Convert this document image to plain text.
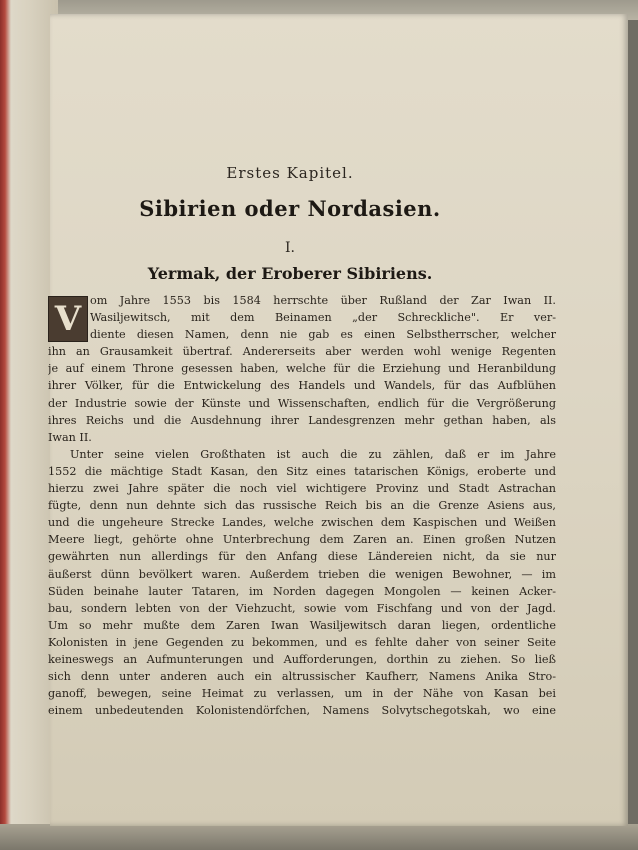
Erstes Kapitel.
Sibirien oder Nordasien.
I.
Yermak, der Eroberer Sibiriens.
V om Jahre 1553 bis 1584 herrschte über Rußland der Zar Iwan II.
Wasiljewitsch, mit dem Beinamen „der Schreckliche". Er ver-
diente diesen Namen, denn nie gab es einen Selbstherrscher, welcher
ihn an Grausamkeit übertraf. Andererseits aber werden wohl wenige Regenten
je auf einem Throne gesessen haben, welche für die Erziehung und Heranbildung
ihrer Völker, für die Entwickelung des Handels und Wandels, für das Aufblühen
der Industrie sowie der Künste und Wissenschaften, endlich für die Vergrößerung
ihres Reichs und die Ausdehnung ihrer Landesgrenzen mehr gethan haben, als
Iwan II.
Unter seine vielen Großthaten ist auch die zu zählen, daß er im Jahre
1552 die mächtige Stadt Kasan, den Sitz eines tatarischen Königs, eroberte und
hierzu zwei Jahre später die noch viel wichtigere Provinz und Stadt Astrachan
fügte, denn nun dehnte sich das russische Reich bis an die Grenze Asiens aus,
und die ungeheure Strecke Landes, welche zwischen dem Kaspischen und Weißen
Meere liegt, gehörte ohne Unterbrechung dem Zaren an. Einen großen Nutzen
gewährten nun allerdings für den Anfang diese Ländereien nicht, da sie nur
äußerst dünn bevölkert waren. Außerdem trieben die wenigen Bewohner, — im
Süden beinahe lauter Tataren, im Norden dagegen Mongolen — keinen Acker-
bau, sondern lebten von der Viehzucht, sowie vom Fischfang und von der Jagd.
Um so mehr mußte dem Zaren Iwan Wasiljewitsch daran liegen, ordentliche
Kolonisten in jene Gegenden zu bekommen, und es fehlte daher von seiner Seite
keineswegs an Aufmunterungen und Aufforderungen, dorthin zu ziehen. So ließ
sich denn unter anderen auch ein altrussischer Kaufherr, Namens Anika Stro-
ganoff, bewegen, seine Heimat zu verlassen, um in der Nähe von Kasan bei
einem unbedeutenden Kolonistendörfchen, Namens Solvytschegotskah, wo eine
